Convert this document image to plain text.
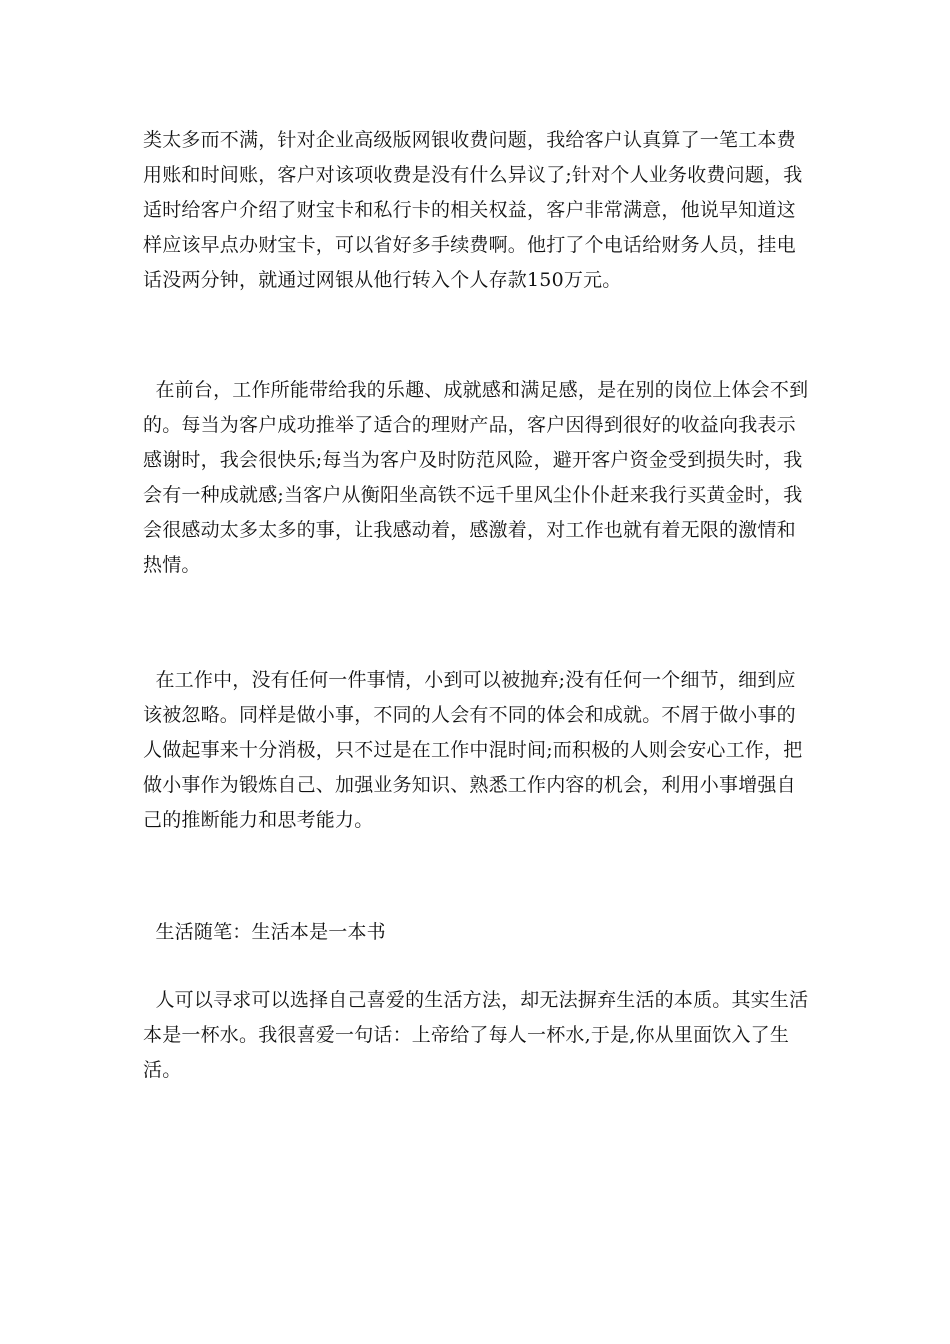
类太多而不满，针对企业高级版网银收费问题，我给客户认真算了一笔工本费

用账和时间账，客户对该项收费是没有什么异议了;针对个人业务收费问题，我

适时给客户介绍了财宝卡和私行卡的相关权益，客户非常满意，他说早知道这

样应该早点办财宝卡，可以省好多手续费啊。他打了个电话给财务人员，挂电

话没两分钟，就通过网银从他行转入个人存款150万元。

在前台，工作所能带给我的乐趣、成就感和满足感，是在别的岗位上体会不到

的。每当为客户成功推举了适合的理财产品，客户因得到很好的收益向我表示

感谢时，我会很快乐;每当为客户及时防范风险，避开客户资金受到损失时，我

会有一种成就感;当客户从衡阳坐高铁不远千里风尘仆仆赶来我行买黄金时，我

会很感动太多太多的事，让我感动着，感激着，对工作也就有着无限的激情和

热情。

在工作中，没有任何一件事情，小到可以被抛弃;没有任何一个细节，细到应

该被忽略。同样是做小事，不同的人会有不同的体会和成就。不屑于做小事的

人做起事来十分消极，只不过是在工作中混时间;而积极的人则会安心工作，把

做小事作为锻炼自己、加强业务知识、熟悉工作内容的机会，利用小事增强自

己的推断能力和思考能力。

生活随笔：生活本是一本书

人可以寻求可以选择自己喜爱的生活方法，却无法摒弃生活的本质。其实生活

本是一杯水。我很喜爱一句话：上帝给了每人一杯水,于是,你从里面饮入了生

活。
